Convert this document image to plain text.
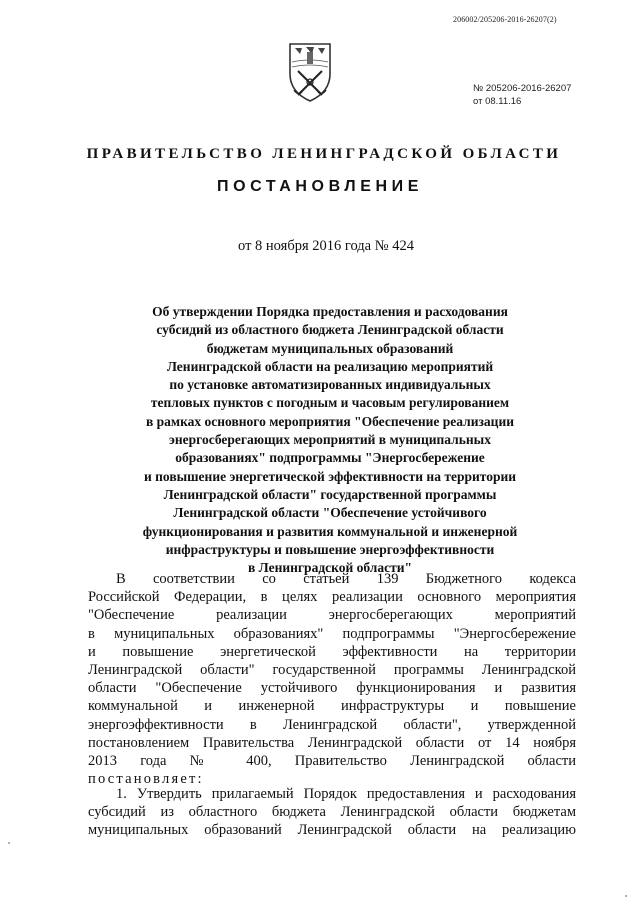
206002/205206-2016-26207(2)
№ 205206-2016-26207
от 08.11.16
ПРАВИТЕЛЬСТВО ЛЕНИНГРАДСКОЙ ОБЛАСТИ
ПОСТАНОВЛЕНИЕ
от 8 ноября 2016 года № 424
Об утверждении Порядка предоставления и расходования
субсидий из областного бюджета Ленинградской области
бюджетам муниципальных образований
Ленинградской области на реализацию мероприятий
по установке автоматизированных индивидуальных
тепловых пунктов с погодным и часовым регулированием
в рамках основного мероприятия "Обеспечение реализации
энергосберегающих мероприятий в муниципальных
образованиях" подпрограммы "Энергосбережение
и повышение энергетической эффективности на территории
Ленинградской области" государственной программы
Ленинградской области "Обеспечение устойчивого
функционирования и развития коммунальной и инженерной
инфраструктуры и повышение энергоэффективности
в Ленинградской области"
В соответствии со статьей 139 Бюджетного кодекса
Российской Федерации, в целях реализации основного мероприятия
"Обеспечение реализации энергосберегающих мероприятий
в муниципальных образованиях" подпрограммы "Энергосбережение
и повышение энергетической эффективности на территории
Ленинградской области" государственной программы Ленинградской
области "Обеспечение устойчивого функционирования и развития
коммунальной и инженерной инфраструктуры и повышение
энергоэффективности в Ленинградской области", утвержденной
постановлением Правительства Ленинградской области от 14 ноября
2013 года № 400, Правительство Ленинградской области
постановляет:
1. Утвердить прилагаемый Порядок предоставления и расходования
субсидий из областного бюджета Ленинградской области бюджетам
муниципальных образований Ленинградской области на реализацию
